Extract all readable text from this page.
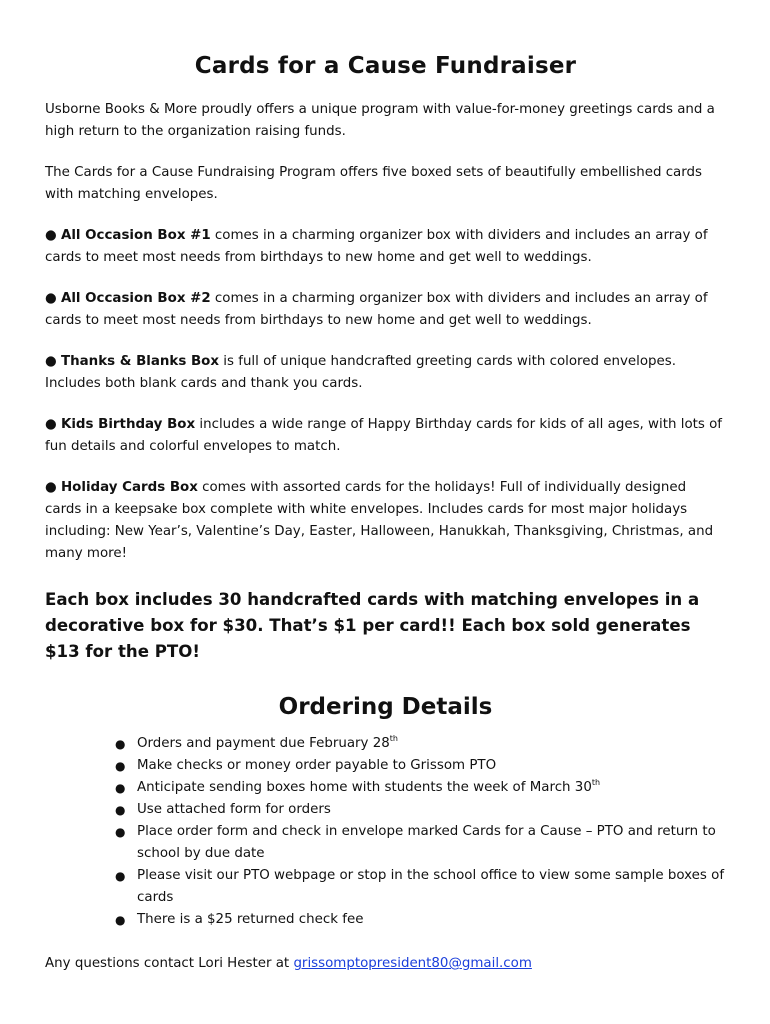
Cards for a Cause Fundraiser

Usborne Books & More proudly offers a unique program with value-for-money greetings cards and a high return to the organization raising funds.

The Cards for a Cause Fundraising Program offers five boxed sets of beautifully embellished cards with matching envelopes.

● All Occasion Box #1 comes in a charming organizer box with dividers and includes an array of cards to meet most needs from birthdays to new home and get well to weddings.

● All Occasion Box #2 comes in a charming organizer box with dividers and includes an array of cards to meet most needs from birthdays to new home and get well to weddings.

● Thanks & Blanks Box is full of unique handcrafted greeting cards with colored envelopes. Includes both blank cards and thank you cards.

● Kids Birthday Box includes a wide range of Happy Birthday cards for kids of all ages, with lots of fun details and colorful envelopes to match.

● Holiday Cards Box comes with assorted cards for the holidays! Full of individually designed cards in a keepsake box complete with white envelopes. Includes cards for most major holidays including: New Year’s, Valentine’s Day, Easter, Halloween, Hanukkah, Thanksgiving, Christmas, and many more!

Each box includes 30 handcrafted cards with matching envelopes in a decorative box for $30. That’s $1 per card!! Each box sold generates $13 for the PTO!

Ordering Details
● Orders and payment due February 28th
● Make checks or money order payable to Grissom PTO
● Anticipate sending boxes home with students the week of March 30th
● Use attached form for orders
● Place order form and check in envelope marked Cards for a Cause – PTO and return to school by due date
● Please visit our PTO webpage or stop in the school office to view some sample boxes of cards
● There is a $25 returned check fee

Any questions contact Lori Hester at grissomptopresident80@gmail.com
